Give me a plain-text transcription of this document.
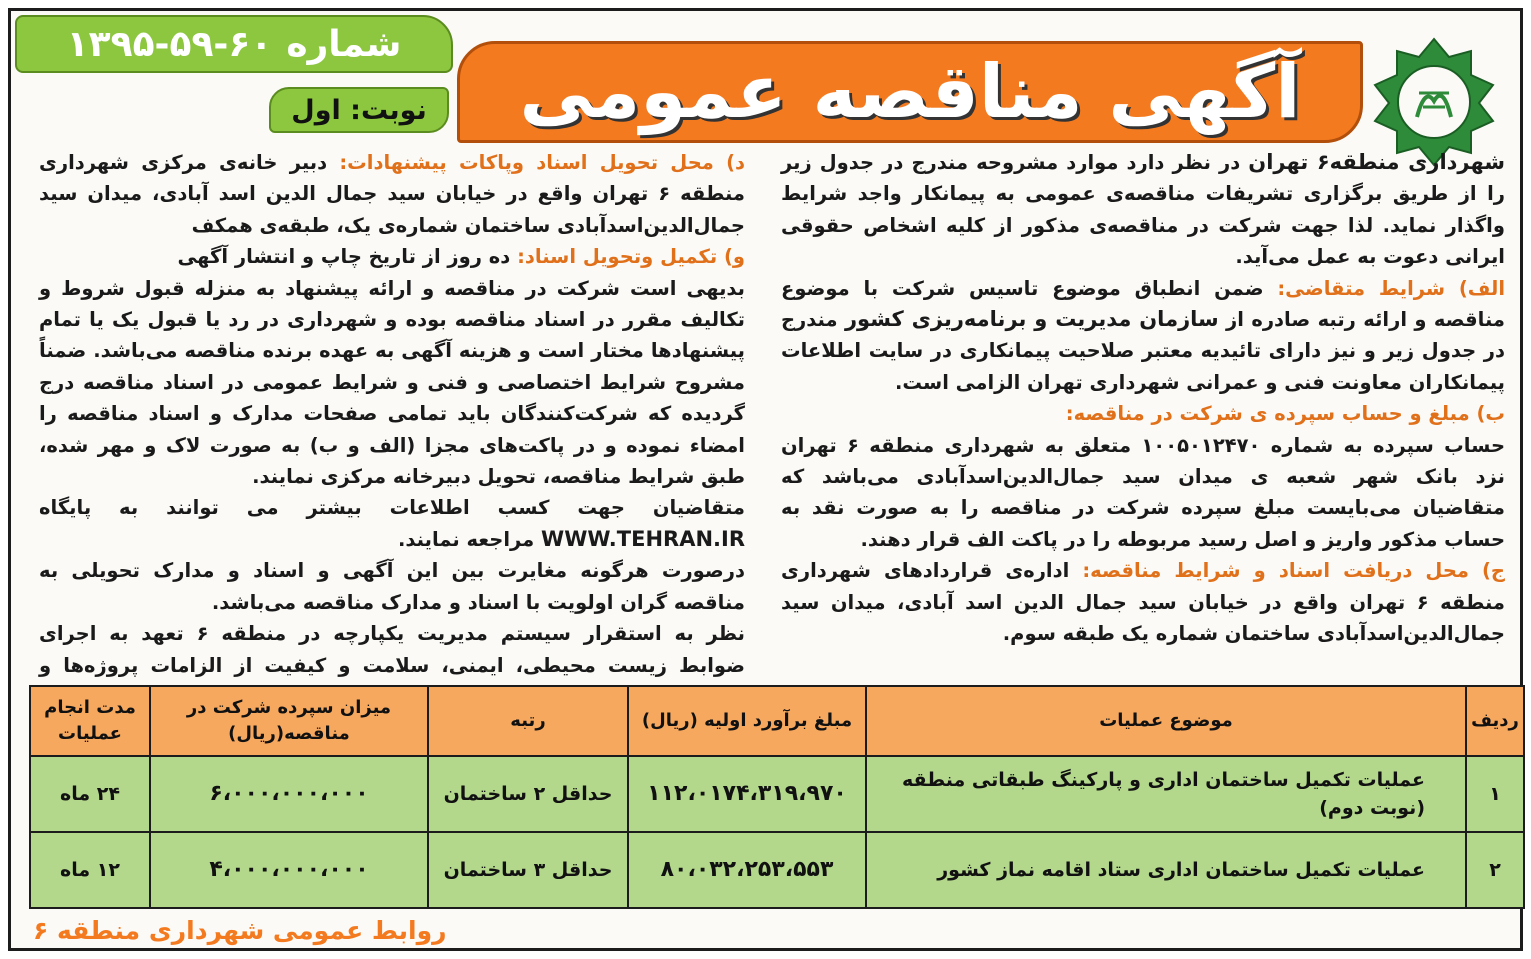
شماره
۱۳۹۵-۵۹-۶۰
نوبت: اول	آگهی مناقصه عمومی

شهرداری منطقه۶ تهران در نظر دارد موارد مشروحه مندرج در جدول زیر را از طریق برگزاری تشریفات مناقصه‌ی عمومی به پیمانکار واجد شرایط واگذار نماید. لذا جهت شرکت در مناقصه‌ی مذکور از کلیه اشخاص حقوقی ایرانی دعوت به عمل می‌آید.

الف) شرایط متقاضی: ضمن انطباق موضوع تاسیس شرکت با موضوع مناقصه و ارائه رتبه صادره از سازمان مدیریت و برنامه‌ریزی کشور مندرج در جدول زیر و نیز دارای تائیدیه معتبر صلاحیت پیمانکاری در سایت اطلاعات پیمانکاران معاونت فنی و عمرانی شهرداری تهران الزامی است.

ب) مبلغ و حساب سپرده‌ ی شرکت در مناقصه:

حساب سپرده به شماره ۱۰۰۵۰۱۲۴۷۰ متعلق به شهرداری منطقه ۶ تهران نزد بانک شهر شعبه ی میدان سید جمال‌الدین‌اسدآبادی می‌باشد که متقاضیان می‌بایست مبلغ سپرده شرکت در مناقصه را به صورت نقد به حساب مذکور واریز و اصل رسید مربوطه را در پاکت الف قرار دهند.

ج) محل دریافت اسناد و شرایط مناقصه: اداره‌ی قراردادهای شهرداری منطقه ۶ تهران واقع در خیابان سید جمال الدین اسد آبادی، میدان سید جمال‌الدین‌اسدآبادی ساختمان شماره یک طبقه سوم.

د) محل تحویل اسناد وپاکات پیشنهادات: دبیر خانه‌ی مرکزی شهرداری منطقه ۶ تهران واقع در خیابان سید جمال الدین اسد آبادی، میدان سید جمال‌الدین‌اسدآبادی ساختمان شماره‌ی یک، طبقه‌ی همکف

و) تکمیل وتحویل اسناد: ده روز از تاریخ چاپ و انتشار آگهی

بدیهی است شرکت در مناقصه و ارائه پیشنهاد به منزله قبول شروط و تکالیف مقرر در اسناد مناقصه بوده و شهرداری در رد یا قبول یک یا تمام پیشنهادها مختار است و هزینه آگهی به عهده برنده مناقصه می‌باشد. ضمناً مشروح شرایط اختصاصی و فنی و شرایط عمومی در اسناد مناقصه درج گردیده که شرکت‌کنندگان باید تمامی صفحات مدارک و اسناد مناقصه را امضاء نموده و در پاکت‌های مجزا (الف و ب) به صورت لاک و مهر شده، طبق شرایط مناقصه، تحویل دبیرخانه مرکزی نمایند.

متقاضیان جهت کسب اطلاعات بیشتر می توانند به پایگاه WWW.TEHRAN.IR مراجعه نمایند.

درصورت هرگونه مغایرت بین این آگهی و اسناد و مدارک تحویلی به مناقصه گران اولویت با اسناد و مدارک مناقصه می‌باشد.

نظر به استقرار سیستم مدیریت یکپارچه در منطقه ۶ تعهد به اجرای ضوابط زیست محیطی، ایمنی، سلامت و کیفیت از الزامات پروژه‌ها و

ردیف	موضوع عملیات	مبلغ برآورد اولیه (ریال)	رتبه	میزان سپرده شرکت در مناقصه(ریال)	مدت انجام عملیات
۱	عملیات تکمیل ساختمان اداری و پارکینگ طبقاتی منطقه (نوبت دوم)	۱۱۲،۰۱۷۴،۳۱۹،۹۷۰	حداقل ۲ ساختمان	۶،۰۰۰،۰۰۰،۰۰۰	۲۴ ماه
۲	عملیات تکمیل ساختمان اداری ستاد اقامه نماز کشور	۸۰،۰۳۲،۲۵۳،۵۵۳	حداقل ۳ ساختمان	۴،۰۰۰،۰۰۰،۰۰۰	۱۲ ماه
روابط عمومی شهرداری منطقه ۶
